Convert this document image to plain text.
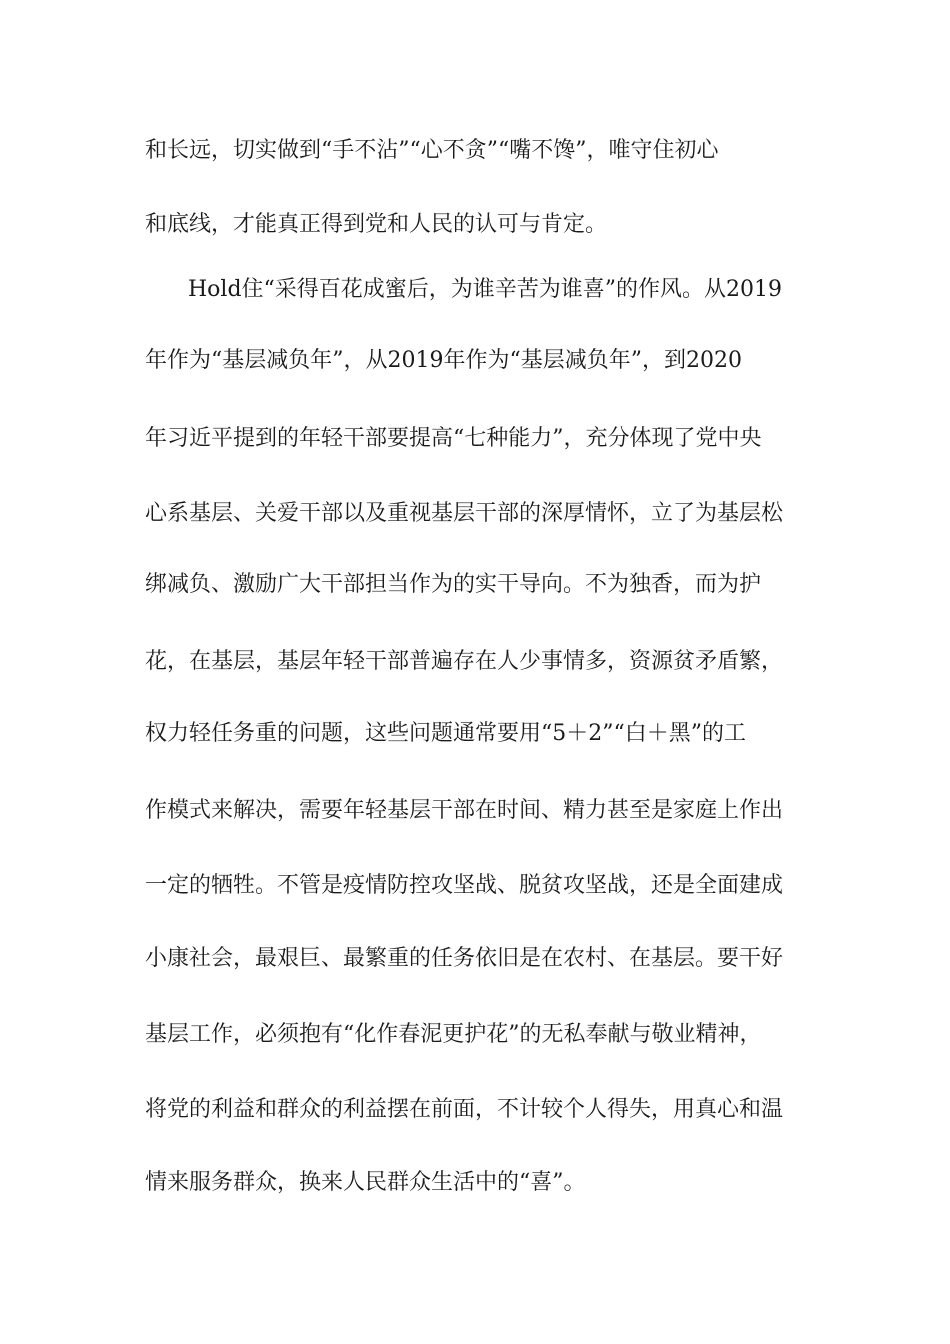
和长远，切实做到“手不沾”“心不贪”“嘴不馋”，唯守住初心
和底线，才能真正得到党和人民的认可与肯定。
Hold住“采得百花成蜜后，为谁辛苦为谁喜”的作风。从2019
年作为“基层减负年”，从2019年作为“基层减负年”，到2020
年习近平提到的年轻干部要提高“七种能力”，充分体现了党中央
心系基层、关爱干部以及重视基层干部的深厚情怀，立了为基层松
绑减负、激励广大干部担当作为的实干导向。不为独香，而为护
花，在基层，基层年轻干部普遍存在人少事情多，资源贫矛盾繁，
权力轻任务重的问题，这些问题通常要用“5＋2”“白＋黑”的工
作模式来解决，需要年轻基层干部在时间、精力甚至是家庭上作出
一定的牺牲。不管是疫情防控攻坚战、脱贫攻坚战，还是全面建成
小康社会，最艰巨、最繁重的任务依旧是在农村、在基层。要干好
基层工作，必须抱有“化作春泥更护花”的无私奉献与敬业精神，
将党的利益和群众的利益摆在前面，不计较个人得失，用真心和温
情来服务群众，换来人民群众生活中的“喜”。
